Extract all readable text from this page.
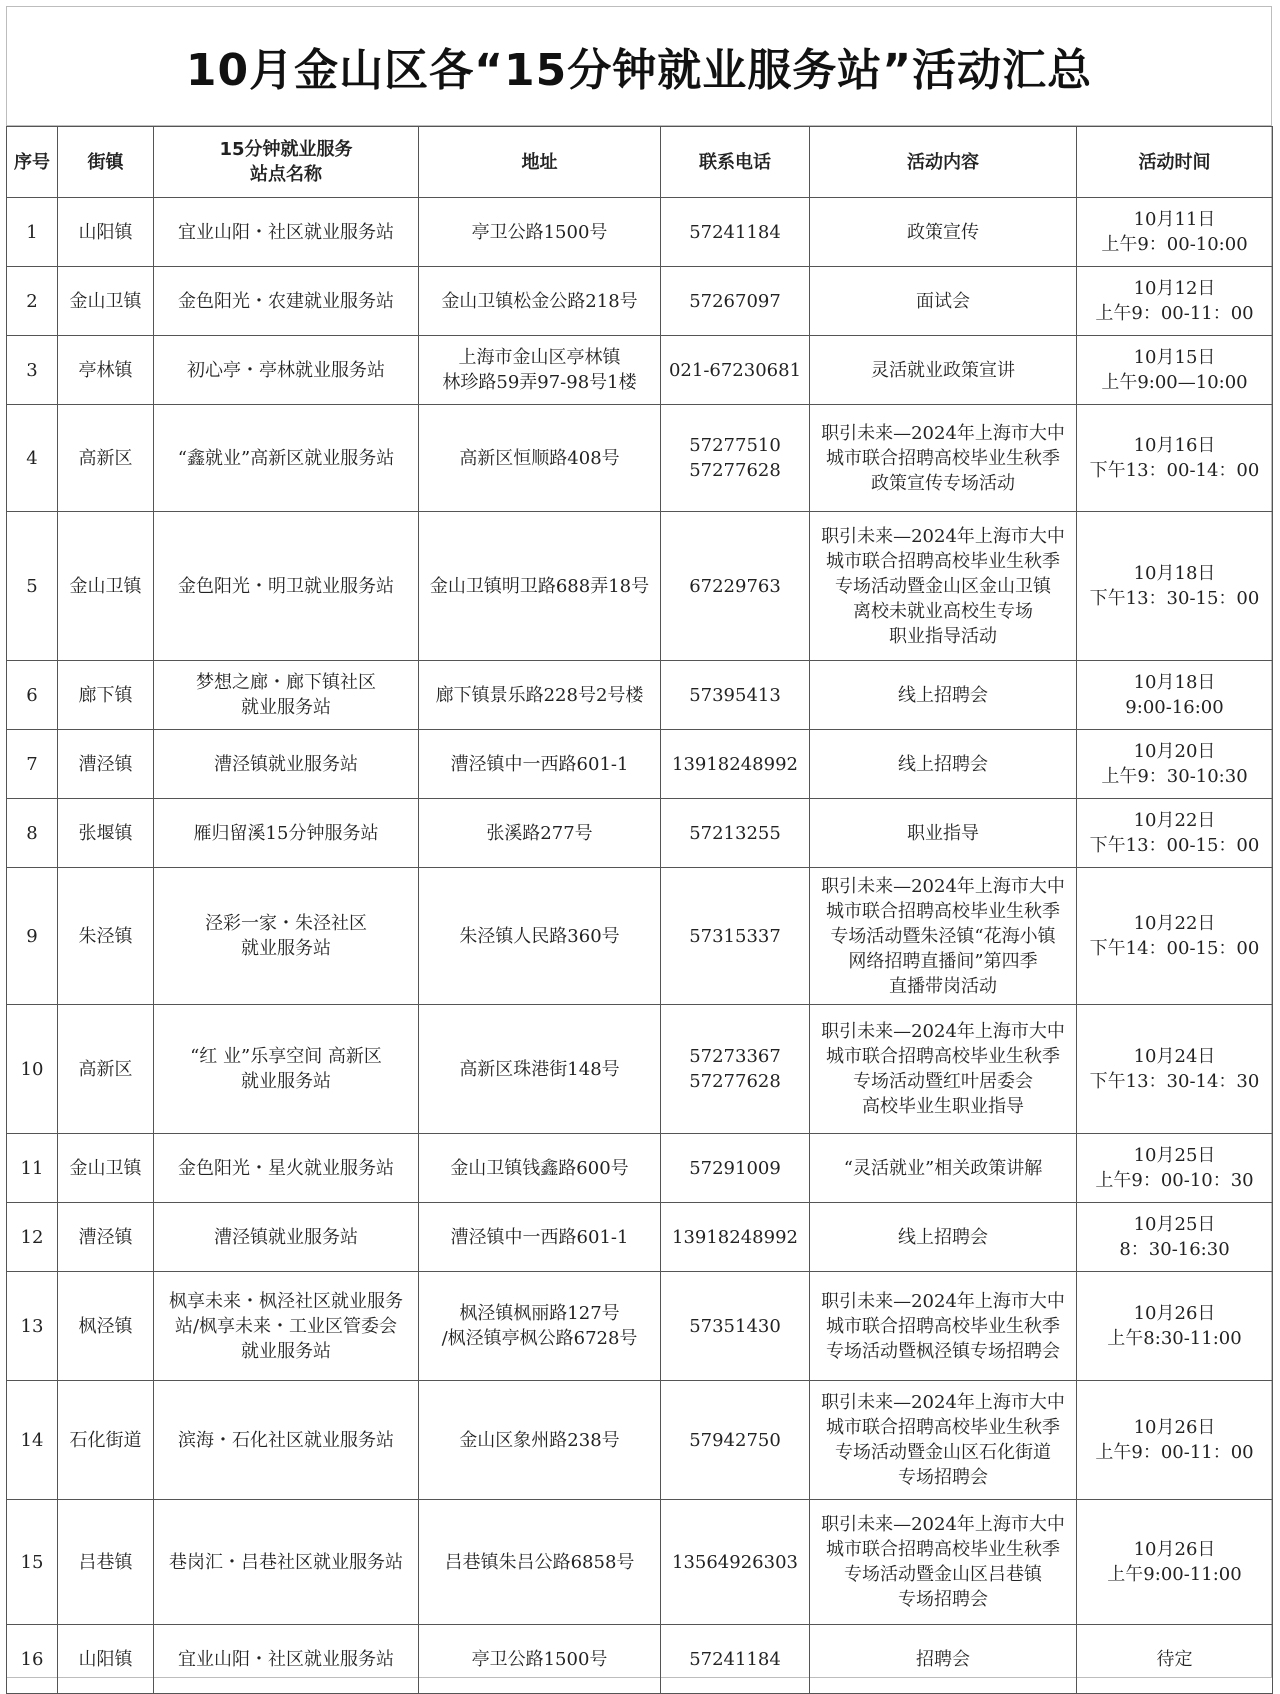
10月金山区各“15分钟就业服务站”活动汇总
序号	街镇	15分钟就业服务
站点名称	地址	联系电话	活动内容	活动时间
1	山阳镇	宜业山阳・社区就业服务站	亭卫公路1500号	57241184	政策宣传	10月11日
上午9：00-10:00
2	金山卫镇	金色阳光・农建就业服务站	金山卫镇松金公路218号	57267097	面试会	10月12日
上午9：00-11：00
3	亭林镇	初心亭・亭林就业服务站	上海市金山区亭林镇
林珍路59弄97-98号1楼	021-67230681	灵活就业政策宣讲	10月15日
上午9:00—10:00
4	高新区	“鑫就业”高新区就业服务站	高新区恒顺路408号	57277510
57277628	职引未来—2024年上海市大中
城市联合招聘高校毕业生秋季
政策宣传专场活动	10月16日
下午13：00-14：00
5	金山卫镇	金色阳光・明卫就业服务站	金山卫镇明卫路688弄18号	67229763	职引未来—2024年上海市大中
城市联合招聘高校毕业生秋季
专场活动暨金山区金山卫镇
离校未就业高校生专场
职业指导活动	10月18日
下午13：30-15：00
6	廊下镇	梦想之廊・廊下镇社区
就业服务站	廊下镇景乐路228号2号楼	57395413	线上招聘会	10月18日
9:00-16:00
7	漕泾镇	漕泾镇就业服务站	漕泾镇中一西路601-1	13918248992	线上招聘会	10月20日
上午9：30-10:30
8	张堰镇	雁归留溪15分钟服务站	张溪路277号	57213255	职业指导	10月22日
下午13：00-15：00
9	朱泾镇	泾彩一家・朱泾社区
就业服务站	朱泾镇人民路360号	57315337	职引未来—2024年上海市大中
城市联合招聘高校毕业生秋季
专场活动暨朱泾镇“花海小镇
网络招聘直播间”第四季
直播带岗活动	10月22日
下午14：00-15：00
10	高新区	“红 业”乐享空间 高新区
就业服务站	高新区珠港街148号	57273367
57277628	职引未来—2024年上海市大中
城市联合招聘高校毕业生秋季
专场活动暨红叶居委会
高校毕业生职业指导	10月24日
下午13：30-14：30
11	金山卫镇	金色阳光・星火就业服务站	金山卫镇钱鑫路600号	57291009	“灵活就业”相关政策讲解	10月25日
上午9：00-10：30
12	漕泾镇	漕泾镇就业服务站	漕泾镇中一西路601-1	13918248992	线上招聘会	10月25日
8：30-16:30
13	枫泾镇	枫享未来・枫泾社区就业服务
站/枫享未来・工业区管委会
就业服务站	枫泾镇枫丽路127号
/枫泾镇亭枫公路6728号	57351430	职引未来—2024年上海市大中
城市联合招聘高校毕业生秋季
专场活动暨枫泾镇专场招聘会	10月26日
上午8:30-11:00
14	石化街道	滨海・石化社区就业服务站	金山区象州路238号	57942750	职引未来—2024年上海市大中
城市联合招聘高校毕业生秋季
专场活动暨金山区石化街道
专场招聘会	10月26日
上午9：00-11：00
15	吕巷镇	巷岗汇・吕巷社区就业服务站	吕巷镇朱吕公路6858号	13564926303	职引未来—2024年上海市大中
城市联合招聘高校毕业生秋季
专场活动暨金山区吕巷镇
专场招聘会	10月26日
上午9:00-11:00
16	山阳镇	宜业山阳・社区就业服务站	亭卫公路1500号	57241184	招聘会	待定
